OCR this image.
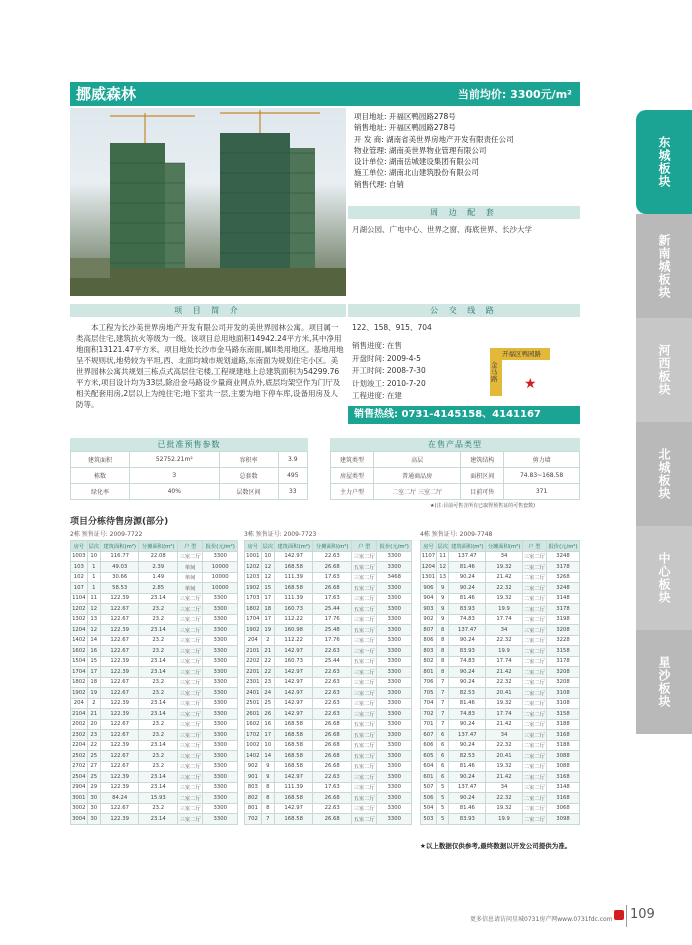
挪威森林	当前均价: 3300元/m²
项目地址: 开福区鸭园路278号
销售地址: 开福区鸭园路278号
开 发 商: 湖南省美世界房地产开发有限责任公司
物业管理: 湖南美世界物业管理有限公司
设计单位: 湖南岳城建设集团有限公司
施工单位: 湖南北山建筑股份有限公司
销售代理: 自销
周 边 配 套
月湖公园、广电中心、世界之窗、海底世界、长沙大学
项 目 简 介
本工程为长沙美世界房地产开发有限公司开发的美世界园林公寓。项目属一类高层住宅,建筑抗火等级为一级。该项目总用地面积14942.24平方米,其中净用地面积13121.47平方米。项目地处长沙市金马路东南面,属II类用地区。基地用地呈不规则状,地势较为平坦,西、北面均城市规划道路,东南面为规划住宅小区。美世界园林公寓共规划三栋点式高层住宅楼,工程规建地上总建筑面积为54299.76平方米,项目设计均为33层,除沿金马路设少量商业网点外,底层均架空作为门厅及相关配套用房,2层以上为纯住宅;地下室共一层,主要为地下停车库,设备用房及人防等。
公 交 线 路
122、158、915、704
销售进度: 在售
开盘时间: 2009-4-5
开工时间: 2008-7-30
计划竣工: 2010-7-20
工程进度: 在建
开福区鸭园路
金马路 ★
销售热线: 0731-4145158、4141167
东城板块
新南城板块
河西板块
北城板块
中心板块
星沙板块
已批准预售参数
建筑面积	52752.21m²	容积率	3.9
栋数	3	总套数	495
绿化率	40%	层数区间	33
在售产品类型
建筑类型	高层	建筑结构	剪力墙
房屋类型	普通商品房	面积区间	74.83~168.58
主力户型	二室二厅 三室二厅	目前可售	371
★(注:目前可售含所有已取得预售证的可售套数)
项目分栋待售房源(部分)
2栋 预售证号: 2009-7722	3栋 预售证号: 2009-7723	4栋 预售证号: 2009-7748
房号	层次	建筑面积(m²)	分摊面积(m²)	户 型	报价(元/m²)
1003	10	116.77	22.08	三室二厅	3300
103	1	49.03	2.39	单间	10000
102	1	30.66	1.49	单间	10000
107	1	58.53	2.85	单间	10000
1104	11	122.39	23.14	三室二厅	3300
1202	12	122.67	23.2	三室二厅	3300
1302	13	122.67	23.2	三室二厅	3300
1204	12	122.39	23.14	三室二厅	3300
1402	14	122.67	23.2	三室二厅	3300
1602	16	122.67	23.2	三室二厅	3300
1504	15	122.39	23.14	三室二厅	3300
1704	17	122.39	23.14	三室二厅	3300
1802	18	122.67	23.2	三室二厅	3300
1902	19	122.67	23.2	三室二厅	3300
204	2	122.39	23.14	三室二厅	3300
2104	21	122.39	23.14	三室二厅	3300
2002	20	122.67	23.2	三室二厅	3300
2302	23	122.67	23.2	三室二厅	3300
2204	22	122.39	23.14	三室二厅	3300
2502	25	122.67	23.2	三室二厅	3300
2702	27	122.67	23.2	三室二厅	3300
2504	25	122.39	23.14	三室二厅	3300
2904	29	122.39	23.14	三室二厅	3300
3001	30	84.24	15.93	二室二厅	3300
3002	30	122.67	23.2	三室二厅	3300
3004	30	122.39	23.14	三室二厅	3300
房号	层次	建筑面积(m²)	分摊面积(m²)	户 型	报价(元/m²)
1001	10	142.97	22.63	三室二厅	3300
1202	12	168.58	26.68	五室二厅	3300
1203	12	111.39	17.63	三室二厅	3468
1902	15	168.58	26.68	五室二厅	3300
1703	17	111.39	17.63	三室二厅	3300
1802	18	160.73	25.44	五室二厅	3300
1704	17	112.22	17.76	三室二厅	3300
1902	19	160.98	25.48	五室二厅	3300
204	2	112.22	17.76	三室二厅	3300
2101	21	142.97	22.63	三室一厅	3300
2202	22	160.73	25.44	五室二厅	3300
2201	22	142.97	22.63	三室二厅	3300
2301	23	142.97	22.63	三室二厅	3300
2401	24	142.97	22.63	三室二厅	3300
2501	25	142.97	22.63	三室二厅	3300
2601	26	142.97	22.63	三室二厅	3300
1602	16	168.58	26.68	五室二厅	3300
1702	17	168.58	26.68	五室二厅	3300
1002	10	168.58	26.68	五室二厅	3300
1402	14	168.58	26.68	五室二厅	3300
902	9	168.58	26.68	五室二厅	3300
901	9	142.97	22.63	三室二厅	3300
803	8	111.39	17.63	三室二厅	3300
802	8	168.58	26.68	五室二厅	3300
801	8	142.97	22.63	三室二厅	3300
702	7	168.58	26.68	五室二厅	3300
房号	层次	建筑面积(m²)	分摊面积(m²)	户 型	报价(元/m²)
1107	11	137.47	34	三室二厅	3248
1204	12	81.46	19.32	二室二厅	3178
1301	13	90.24	21.42	二室二厅	3268
906	9	90.24	22.32	二室二厅	3248
904	9	81.46	19.32	二室二厅	3148
903	9	83.93	19.9	二室二厅	3178
902	9	74.83	17.74	二室二厅	3198
807	8	137.47	34	三室二厅	3208
806	8	90.24	22.32	二室二厅	3228
803	8	83.93	19.9	二室二厅	3158
802	8	74.83	17.74	二室二厅	3178
801	8	90.24	21.42	二室二厅	3208
706	7	90.24	22.32	二室二厅	3208
705	7	82.53	20.41	二室二厅	3108
704	7	81.46	19.32	二室二厅	3108
702	7	74.83	17.74	二室二厅	3158
701	7	90.24	21.42	二室二厅	3188
607	6	137.47	34	三室二厅	3168
606	6	90.24	22.32	二室二厅	3188
605	6	82.53	20.41	二室二厅	3088
604	6	81.46	19.32	二室二厅	3088
601	6	90.24	21.42	二室二厅	3168
507	5	137.47	34	三室二厅	3148
506	5	90.24	22.32	二室二厅	3168
504	5	81.46	19.32	二室二厅	3068
503	5	83.93	19.9	二室二厅	3098
★以上数据仅供参考,最终数据以开发公司提供为准。
更多信息请访问星城0731房产网www.0731fdc.com 109
